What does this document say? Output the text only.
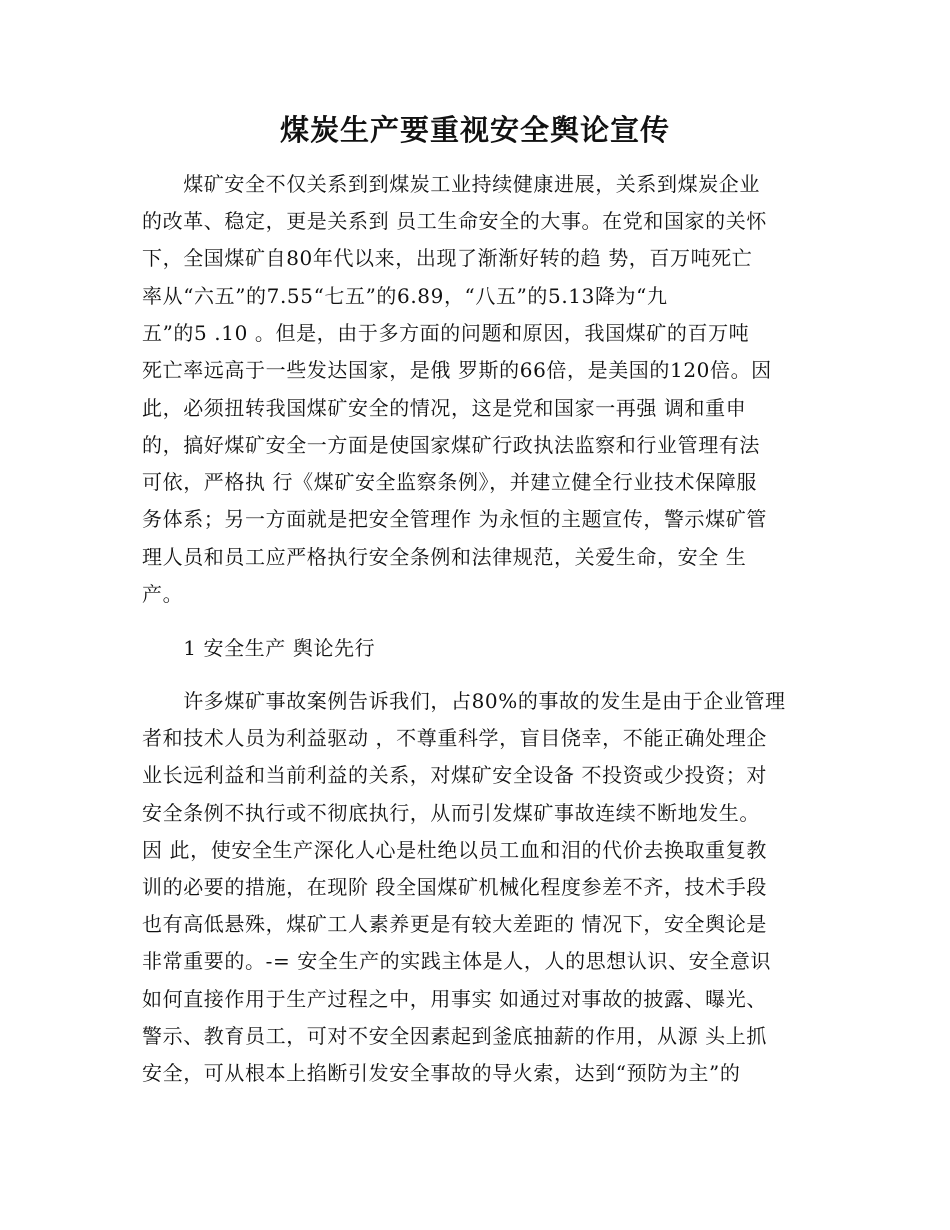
煤炭生产要重视安全舆论宣传
　　煤矿安全不仅关系到到煤炭工业持续健康进展，关系到煤炭企业
的改革、稳定，更是关系到 员工生命安全的大事。在党和国家的关怀
下，全国煤矿自80年代以来，出现了渐渐好转的趋 势，百万吨死亡
率从“六五”的7.55“七五”的6.89，“八五”的5.13降为“九
五”的5 .10 。但是，由于多方面的问题和原因，我国煤矿的百万吨
死亡率远高于一些发达国家，是俄 罗斯的66倍，是美国的120倍。因
此，必须扭转我国煤矿安全的情况，这是党和国家一再强 调和重申
的，搞好煤矿安全一方面是使国家煤矿行政执法监察和行业管理有法
可依，严格执 行《煤矿安全监察条例》，并建立健全行业技术保障服
务体系；另一方面就是把安全管理作 为永恒的主题宣传，警示煤矿管
理人员和员工应严格执行安全条例和法律规范，关爱生命，安全 生
产。
　　1 安全生产 舆论先行
　　许多煤矿事故案例告诉我们，占80%的事故的发生是由于企业管理
者和技术人员为利益驱动 ，不尊重科学，盲目侥幸，不能正确处理企
业长远利益和当前利益的关系，对煤矿安全设备 不投资或少投资；对
安全条例不执行或不彻底执行，从而引发煤矿事故连续不断地发生。
因 此，使安全生产深化人心是杜绝以员工血和泪的代价去换取重复教
训的必要的措施，在现阶 段全国煤矿机械化程度参差不齐，技术手段
也有高低悬殊，煤矿工人素养更是有较大差距的 情况下，安全舆论是
非常重要的。-= 安全生产的实践主体是人，人的思想认识、安全意识
如何直接作用于生产过程之中，用事实 如通过对事故的披露、曝光、
警示、教育员工，可对不安全因素起到釜底抽薪的作用，从源 头上抓
安全，可从根本上掐断引发安全事故的导火索，达到“预防为主”的
